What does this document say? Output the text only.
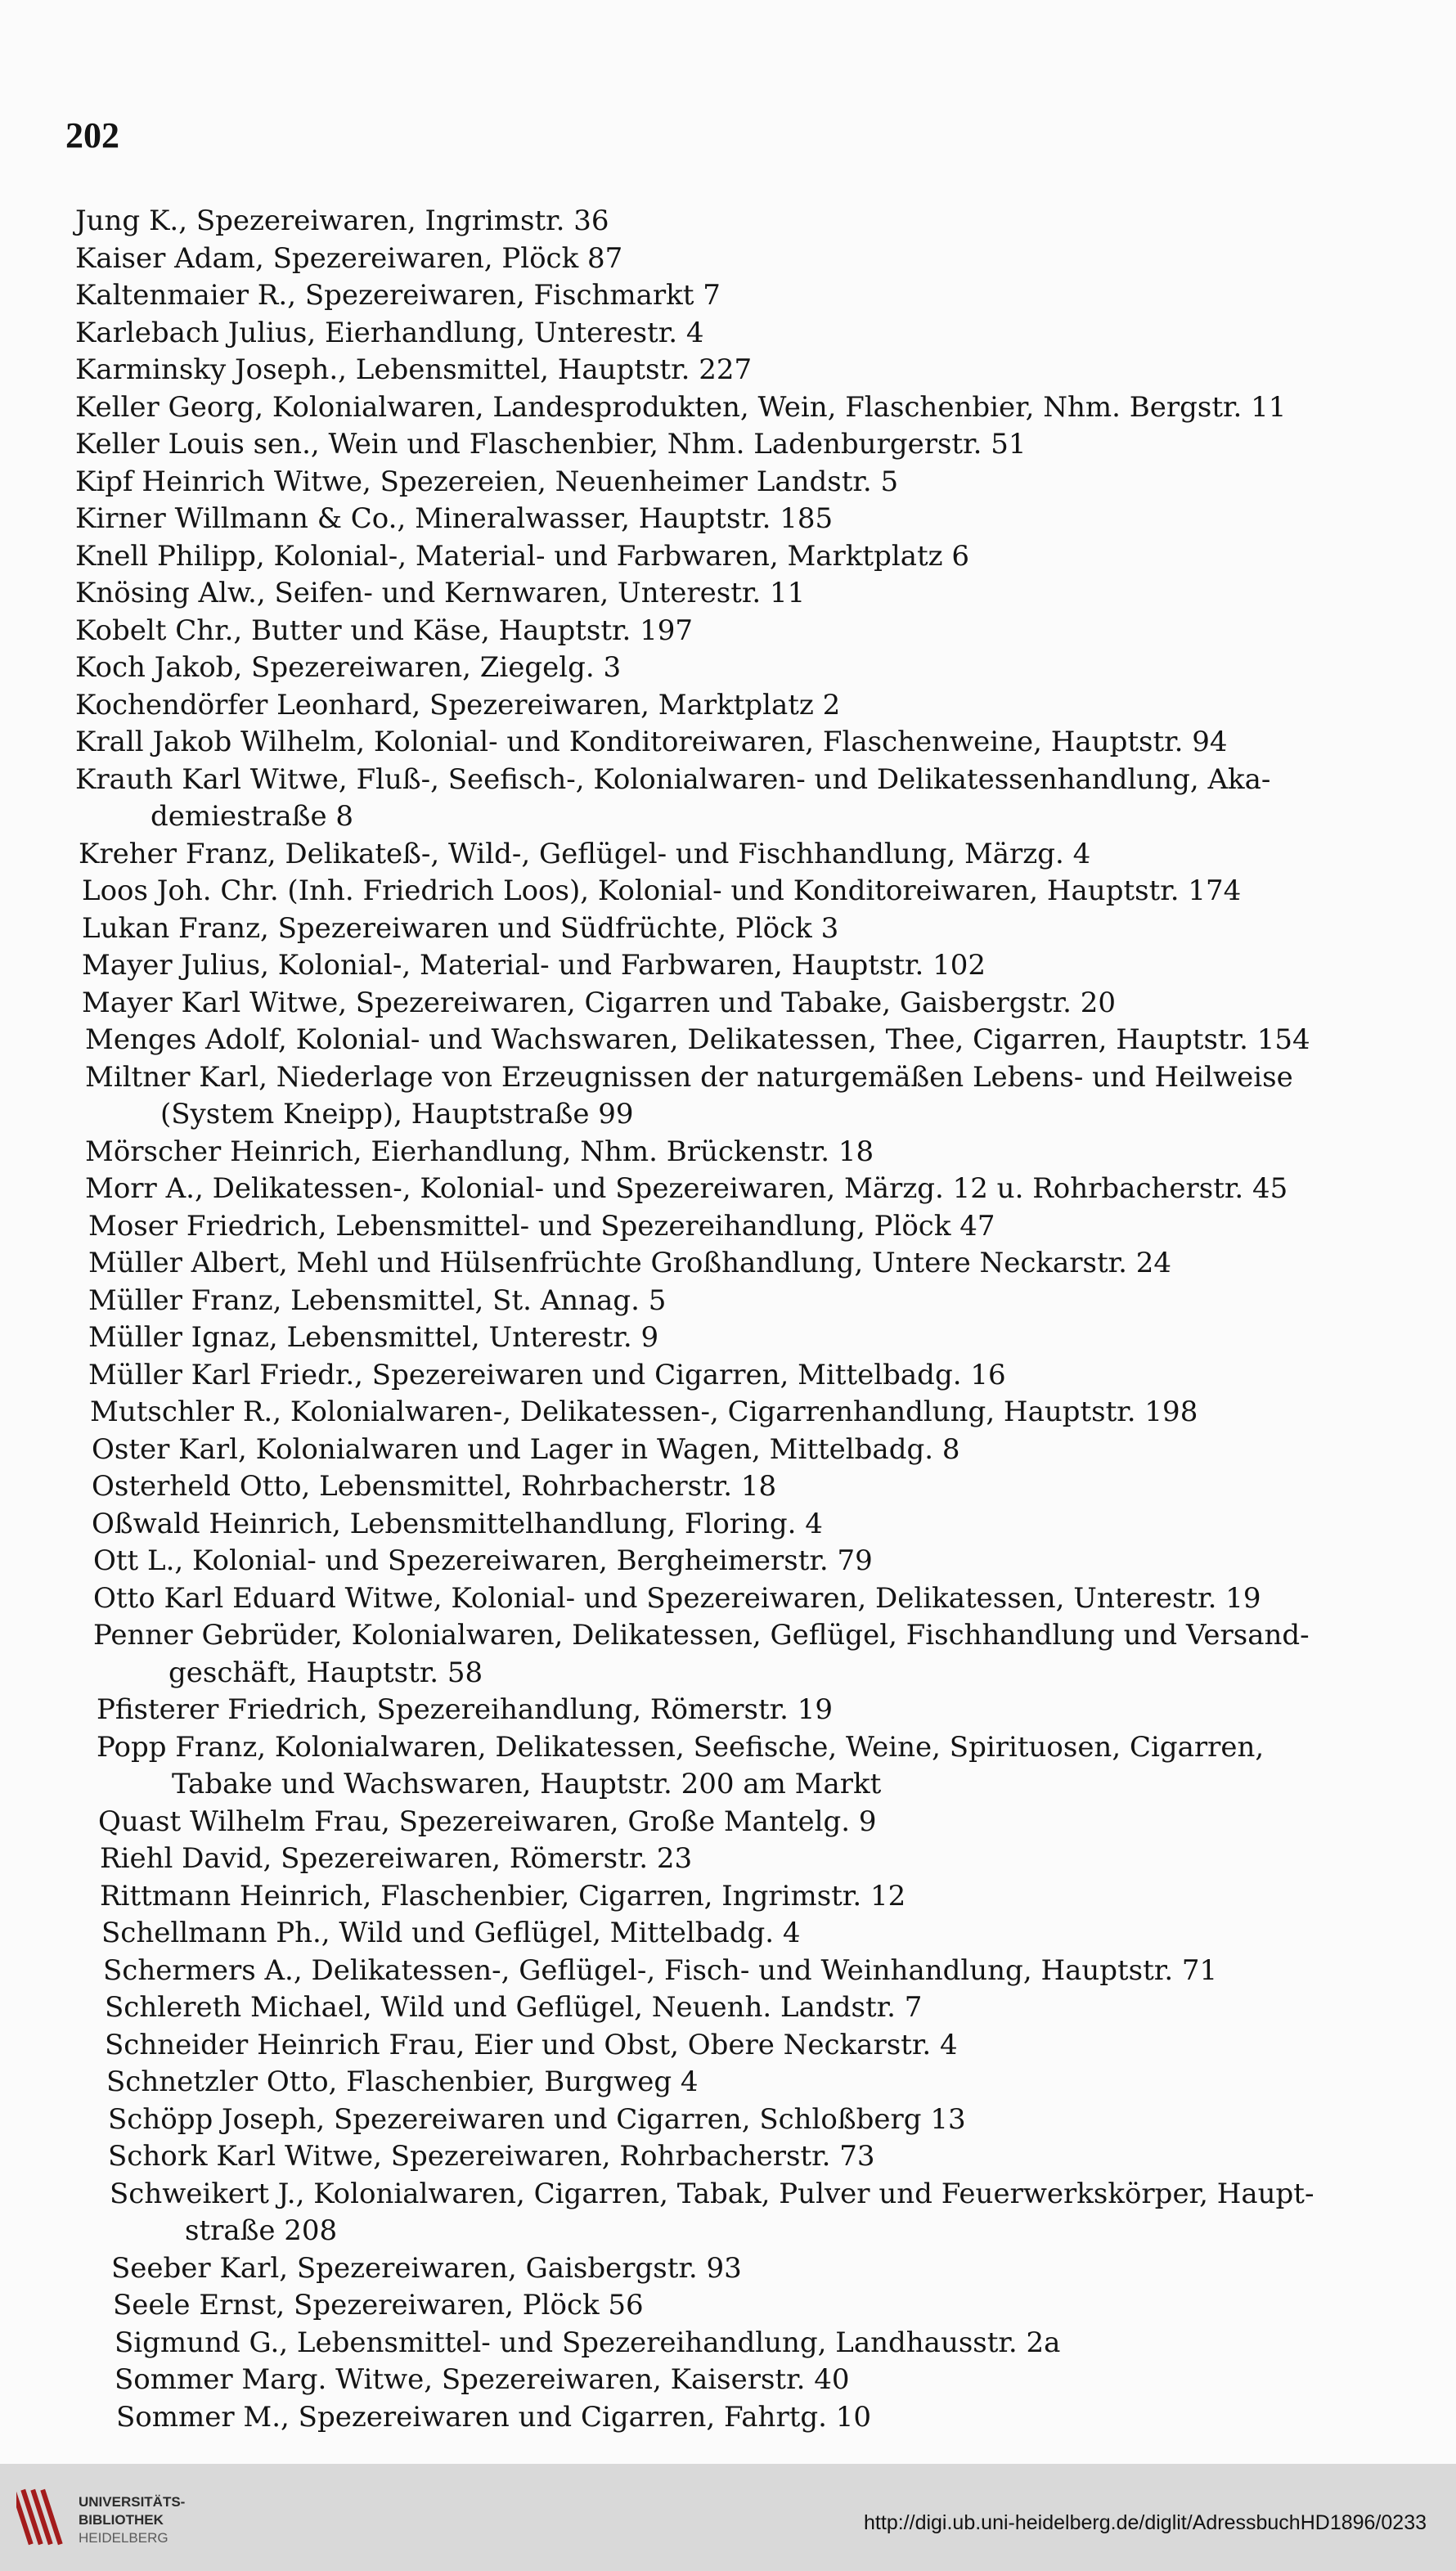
202
Jung K., Spezereiwaren, Ingrimstr. 36
Kaiser Adam, Spezereiwaren, Plöck 87
Kaltenmaier R., Spezereiwaren, Fischmarkt 7
Karlebach Julius, Eierhandlung, Unterestr. 4
Karminsky Joseph., Lebensmittel, Hauptstr. 227
Keller Georg, Kolonialwaren, Landesprodukten, Wein, Flaschenbier, Nhm. Bergstr. 11
Keller Louis sen., Wein und Flaschenbier, Nhm. Ladenburgerstr. 51
Kipf Heinrich Witwe, Spezereien, Neuenheimer Landstr. 5
Kirner Willmann & Co., Mineralwasser, Hauptstr. 185
Knell Philipp, Kolonial-, Material- und Farbwaren, Marktplatz 6
Knösing Alw., Seifen- und Kernwaren, Unterestr. 11
Kobelt Chr., Butter und Käse, Hauptstr. 197
Koch Jakob, Spezereiwaren, Ziegelg. 3
Kochendörfer Leonhard, Spezereiwaren, Marktplatz 2
Krall Jakob Wilhelm, Kolonial- und Konditoreiwaren, Flaschenweine, Hauptstr. 94
Krauth Karl Witwe, Fluß-, Seefisch-, Kolonialwaren- und Delikatessenhandlung, Aka-
demiestraße 8
Kreher Franz, Delikateß-, Wild-, Geflügel- und Fischhandlung, Märzg. 4
Loos Joh. Chr. (Inh. Friedrich Loos), Kolonial- und Konditoreiwaren, Hauptstr. 174
Lukan Franz, Spezereiwaren und Südfrüchte, Plöck 3
Mayer Julius, Kolonial-, Material- und Farbwaren, Hauptstr. 102
Mayer Karl Witwe, Spezereiwaren, Cigarren und Tabake, Gaisbergstr. 20
Menges Adolf, Kolonial- und Wachswaren, Delikatessen, Thee, Cigarren, Hauptstr. 154
Miltner Karl, Niederlage von Erzeugnissen der naturgemäßen Lebens- und Heilweise
(System Kneipp), Hauptstraße 99
Mörscher Heinrich, Eierhandlung, Nhm. Brückenstr. 18
Morr A., Delikatessen-, Kolonial- und Spezereiwaren, Märzg. 12 u. Rohrbacherstr. 45
Moser Friedrich, Lebensmittel- und Spezereihandlung, Plöck 47
Müller Albert, Mehl und Hülsenfrüchte Großhandlung, Untere Neckarstr. 24
Müller Franz, Lebensmittel, St. Annag. 5
Müller Ignaz, Lebensmittel, Unterestr. 9
Müller Karl Friedr., Spezereiwaren und Cigarren, Mittelbadg. 16
Mutschler R., Kolonialwaren-, Delikatessen-, Cigarrenhandlung, Hauptstr. 198
Oster Karl, Kolonialwaren und Lager in Wagen, Mittelbadg. 8
Osterheld Otto, Lebensmittel, Rohrbacherstr. 18
Oßwald Heinrich, Lebensmittelhandlung, Floring. 4
Ott L., Kolonial- und Spezereiwaren, Bergheimerstr. 79
Otto Karl Eduard Witwe, Kolonial- und Spezereiwaren, Delikatessen, Unterestr. 19
Penner Gebrüder, Kolonialwaren, Delikatessen, Geflügel, Fischhandlung und Versand-
geschäft, Hauptstr. 58
Pfisterer Friedrich, Spezereihandlung, Römerstr. 19
Popp Franz, Kolonialwaren, Delikatessen, Seefische, Weine, Spirituosen, Cigarren,
Tabake und Wachswaren, Hauptstr. 200 am Markt
Quast Wilhelm Frau, Spezereiwaren, Große Mantelg. 9
Riehl David, Spezereiwaren, Römerstr. 23
Rittmann Heinrich, Flaschenbier, Cigarren, Ingrimstr. 12
Schellmann Ph., Wild und Geflügel, Mittelbadg. 4
Schermers A., Delikatessen-, Geflügel-, Fisch- und Weinhandlung, Hauptstr. 71
Schlereth Michael, Wild und Geflügel, Neuenh. Landstr. 7
Schneider Heinrich Frau, Eier und Obst, Obere Neckarstr. 4
Schnetzler Otto, Flaschenbier, Burgweg 4
Schöpp Joseph, Spezereiwaren und Cigarren, Schloßberg 13
Schork Karl Witwe, Spezereiwaren, Rohrbacherstr. 73
Schweikert J., Kolonialwaren, Cigarren, Tabak, Pulver und Feuerwerkskörper, Haupt-
straße 208
Seeber Karl, Spezereiwaren, Gaisbergstr. 93
Seele Ernst, Spezereiwaren, Plöck 56
Sigmund G., Lebensmittel- und Spezereihandlung, Landhausstr. 2a
Sommer Marg. Witwe, Spezereiwaren, Kaiserstr. 40
Sommer M., Spezereiwaren und Cigarren, Fahrtg. 10
UNIVERSITÄTS-
BIBLIOTHEK
HEIDELBERG
http://digi.ub.uni-heidelberg.de/diglit/AdressbuchHD1896/0233
